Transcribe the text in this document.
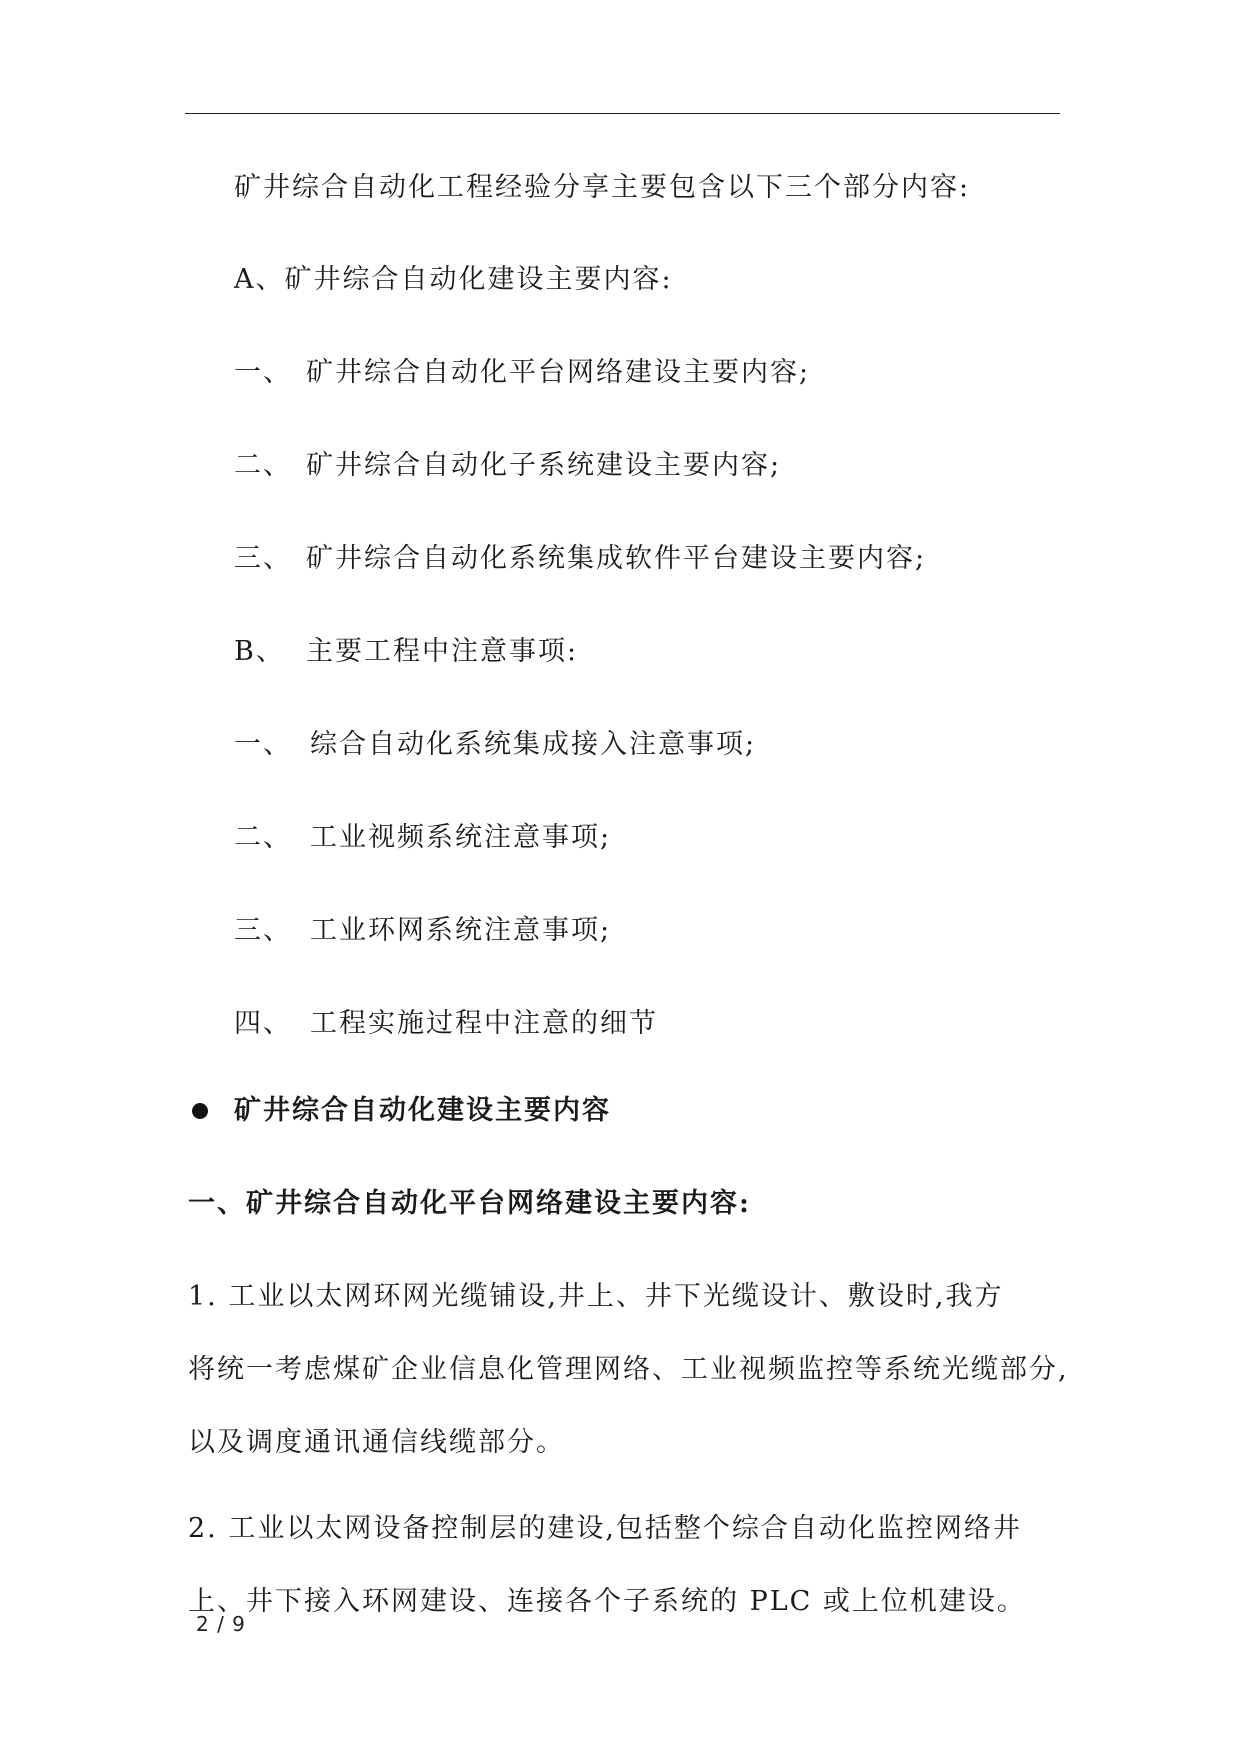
矿井综合自动化工程经验分享主要包含以下三个部分内容:
A、矿井综合自动化建设主要内容:
一、 矿井综合自动化平台网络建设主要内容;
二、 矿井综合自动化子系统建设主要内容;
三、 矿井综合自动化系统集成软件平台建设主要内容;
B、 主要工程中注意事项:
一、 综合自动化系统集成接入注意事项;
二、 工业视频系统注意事项;
三、 工业环网系统注意事项;
四、 工程实施过程中注意的细节
矿井综合自动化建设主要内容
一、矿井综合自动化平台网络建设主要内容:
1. 工业以太网环网光缆铺设,井上、井下光缆设计、敷设时,我方
将统一考虑煤矿企业信息化管理网络、工业视频监控等系统光缆部分,
以及调度通讯通信线缆部分。
2. 工业以太网设备控制层的建设,包括整个综合自动化监控网络井
上、井下接入环网建设、连接各个子系统的 PLC 或上位机建设。
2 / 9
